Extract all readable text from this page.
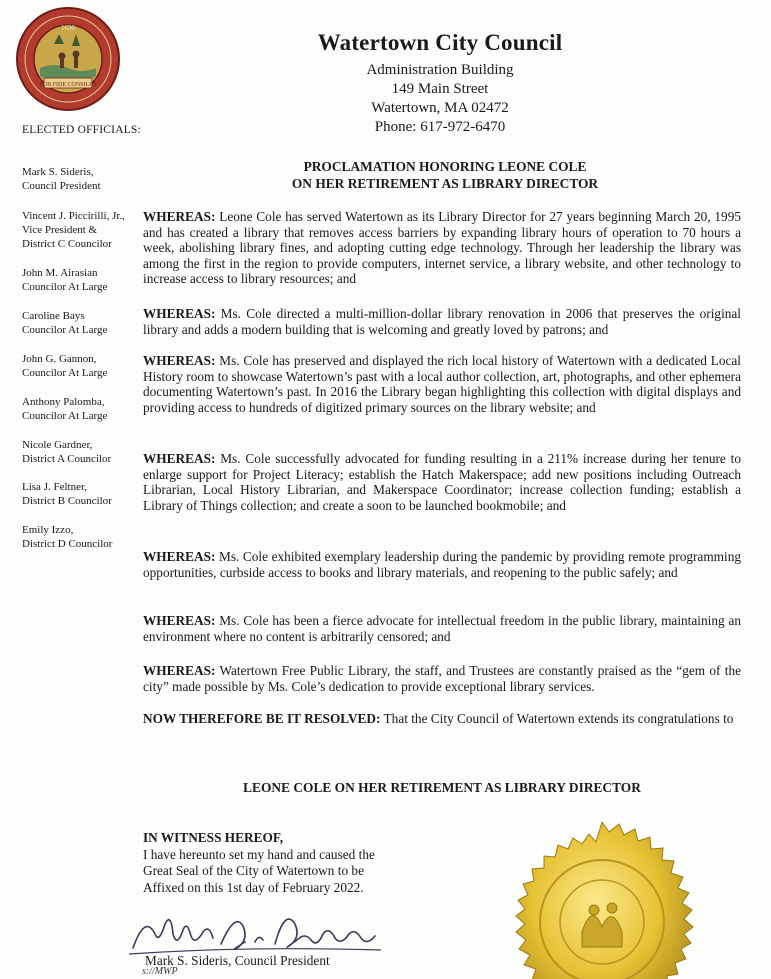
SUB FIDE CONSILIIS
1630
Watertown City Council
Administration Building
149 Main Street
Watertown, MA 02472
Phone: 617-972-6470
ELECTED OFFICIALS:
Mark S. Sideris,
Council President
Vincent J. Piccirilli, Jr.,
Vice President &
District C Councilor
John M. Airasian
Councilor At Large
Caroline Bays
Councilor At Large
John G. Gannon,
Councilor At Large
Anthony Palomba,
Councilor At Large
Nicole Gardner,
District A Councilor
Lisa J. Feltner,
District B Councilor
Emily Izzo,
District D Councilor
PROCLAMATION HONORING LEONE COLE
ON HER RETIREMENT AS LIBRARY DIRECTOR
WHEREAS: Leone Cole has served Watertown as its Library Director for 27 years beginning March 20, 1995 and has created a library that removes access barriers by expanding library hours of operation to 70 hours a week, abolishing library fines, and adopting cutting edge technology. Through her leadership the library was among the first in the region to provide computers, internet service, a library website, and other technology to increase access to library resources; and
WHEREAS: Ms. Cole directed a multi-million-dollar library renovation in 2006 that preserves the original library and adds a modern building that is welcoming and greatly loved by patrons; and
WHEREAS: Ms. Cole has preserved and displayed the rich local history of Watertown with a dedicated Local History room to showcase Watertown’s past with a local author collection, art, photographs, and other ephemera documenting Watertown’s past. In 2016 the Library began highlighting this collection with digital displays and providing access to hundreds of digitized primary sources on the library website; and
WHEREAS: Ms. Cole successfully advocated for funding resulting in a 211% increase during her tenure to enlarge support for Project Literacy; establish the Hatch Makerspace; add new positions including Outreach Librarian, Local History Librarian, and Makerspace Coordinator; increase collection funding; establish a Library of Things collection; and create a soon to be launched bookmobile; and
WHEREAS: Ms. Cole exhibited exemplary leadership during the pandemic by providing remote programming opportunities, curbside access to books and library materials, and reopening to the public safely; and
WHEREAS: Ms. Cole has been a fierce advocate for intellectual freedom in the public library, maintaining an environment where no content is arbitrarily censored; and
WHEREAS: Watertown Free Public Library, the staff, and Trustees are constantly praised as the “gem of the city” made possible by Ms. Cole’s dedication to provide exceptional library services.
NOW THEREFORE BE IT RESOLVED: That the City Council of Watertown extends its congratulations to
LEONE COLE ON HER RETIREMENT AS LIBRARY DIRECTOR
IN WITNESS HEREOF,
I have hereunto set my hand and caused the
Great Seal of the City of Watertown to be
Affixed on this 1st day of February 2022.
Mark S. Sideris, Council President
s://MWP
